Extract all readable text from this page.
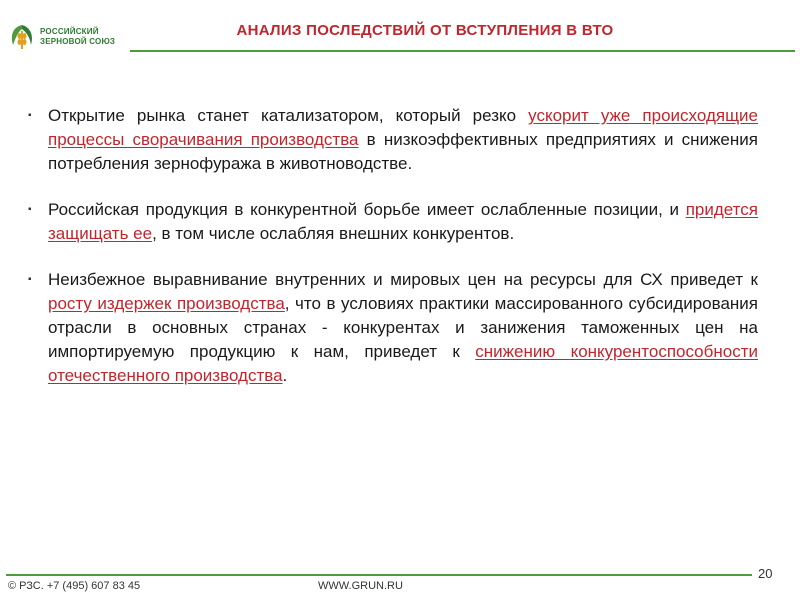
РОССИЙСКИЙ
ЗЕРНОВОЙ СОЮЗ
АНАЛИЗ ПОСЛЕДСТВИЙ ОТ ВСТУПЛЕНИЯ В ВТО
▪ Открытие рынка станет катализатором, который резко ускорит уже происходящие процессы сворачивания производства в низкоэффективных предприятиях и снижения потребления зернофуража в животноводстве.
▪ Российская продукция в конкурентной борьбе имеет ослабленные позиции, и придется защищать ее, в том числе ослабляя внешних конкурентов.
▪ Неизбежное выравнивание внутренних и мировых цен на ресурсы для СХ приведет к росту издержек производства, что в условиях практики массированного субсидирования отрасли в основных странах - конкурентах и занижения таможенных цен на импортируемую продукцию к нам, приведет к снижению конкурентоспособности отечественного производства.
20
© РЗС. +7 (495) 607 83 45	WWW.GRUN.RU
